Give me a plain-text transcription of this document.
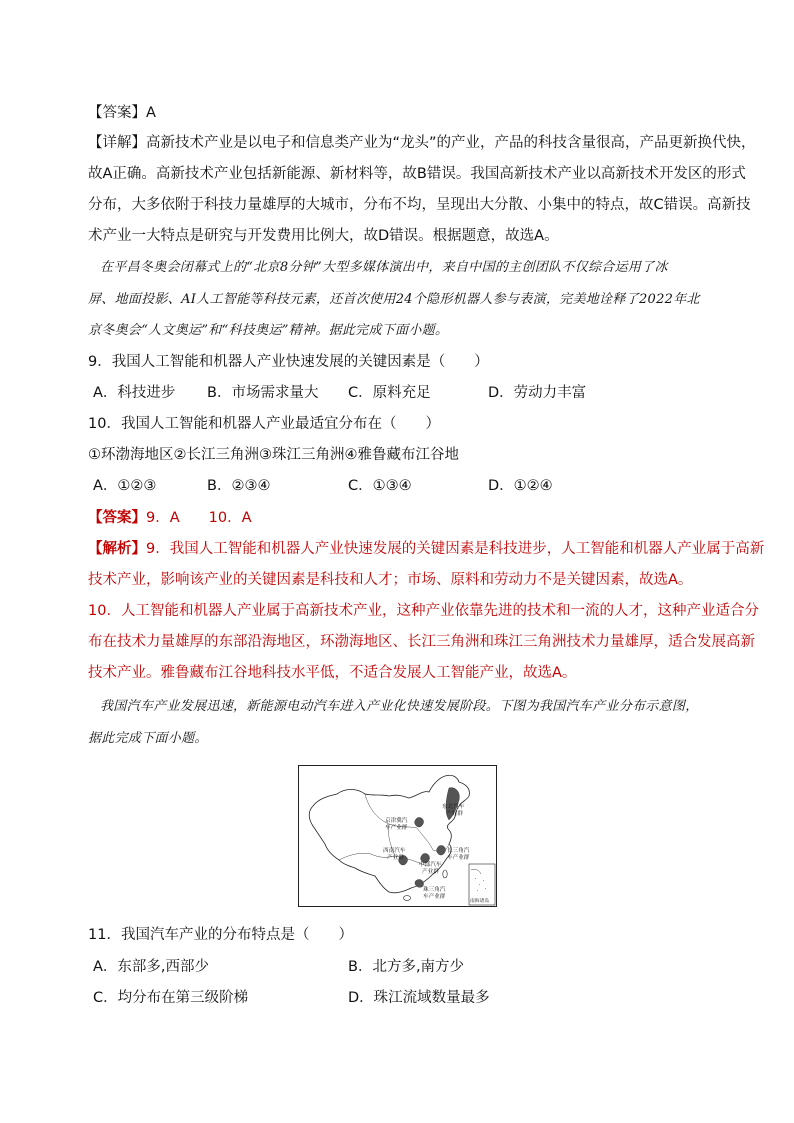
【答案】A
【详解】高新技术产业是以电子和信息类产业为“龙头”的产业，产品的科技含量很高，产品更新换代快，
故A正确。高新技术产业包括新能源、新材料等，故B错误。我国高新技术产业以高新技术开发区的形式
分布，大多依附于科技力量雄厚的大城市，分布不均，呈现出大分散、小集中的特点，故C错误。高新技
术产业一大特点是研究与开发费用比例大，故D错误。根据题意，故选A。
在平昌冬奥会闭幕式上的“北京8分钟”大型多媒体演出中，来自中国的主创团队不仅综合运用了冰
屏、地面投影、AI人工智能等科技元素，还首次使用24个隐形机器人参与表演，完美地诠释了2022年北
京冬奥会“人文奥运”和“科技奥运”精神。据此完成下面小题。
9．我国人工智能和机器人产业快速发展的关键因素是（　　）
A．科技进步 B．市场需求量大 C．原料充足	D．劳动力丰富
10．我国人工智能和机器人产业最适宜分布在（　　）
①环渤海地区②长江三角洲③珠江三角洲④雅鲁藏布江谷地
A．①②③	B．②③④	C．①③④	D．①②④
【答案】9．A　　10．A
【解析】9．我国人工智能和机器人产业快速发展的关键因素是科技进步，人工智能和机器人产业属于高新
技术产业，影响该产业的关键因素是科技和人才；市场、原料和劳动力不是关键因素，故选A。
10．人工智能和机器人产业属于高新技术产业，这种产业依靠先进的技术和一流的人才，这种产业适合分
布在技术力量雄厚的东部沿海地区，环渤海地区、长江三角洲和珠江三角洲技术力量雄厚，适合发展高新
技术产业。雅鲁藏布江谷地科技水平低，不适合发展人工智能产业，故选A。
我国汽车产业发展迅速，新能源电动汽车进入产业化快速发展阶段。下图为我国汽车产业分布示意图，
据此完成下面小题。
东北汽车
产业群
京津冀汽
车产业群
西南汽车
产业群
中部汽车
产业群
长三角汽
车产业群
珠三角汽
车产业群
南海诸岛
11．我国汽车产业的分布特点是（　　）
A．东部多,西部少	B．北方多,南方少
C．均分布在第三级阶梯	D．珠江流域数量最多
